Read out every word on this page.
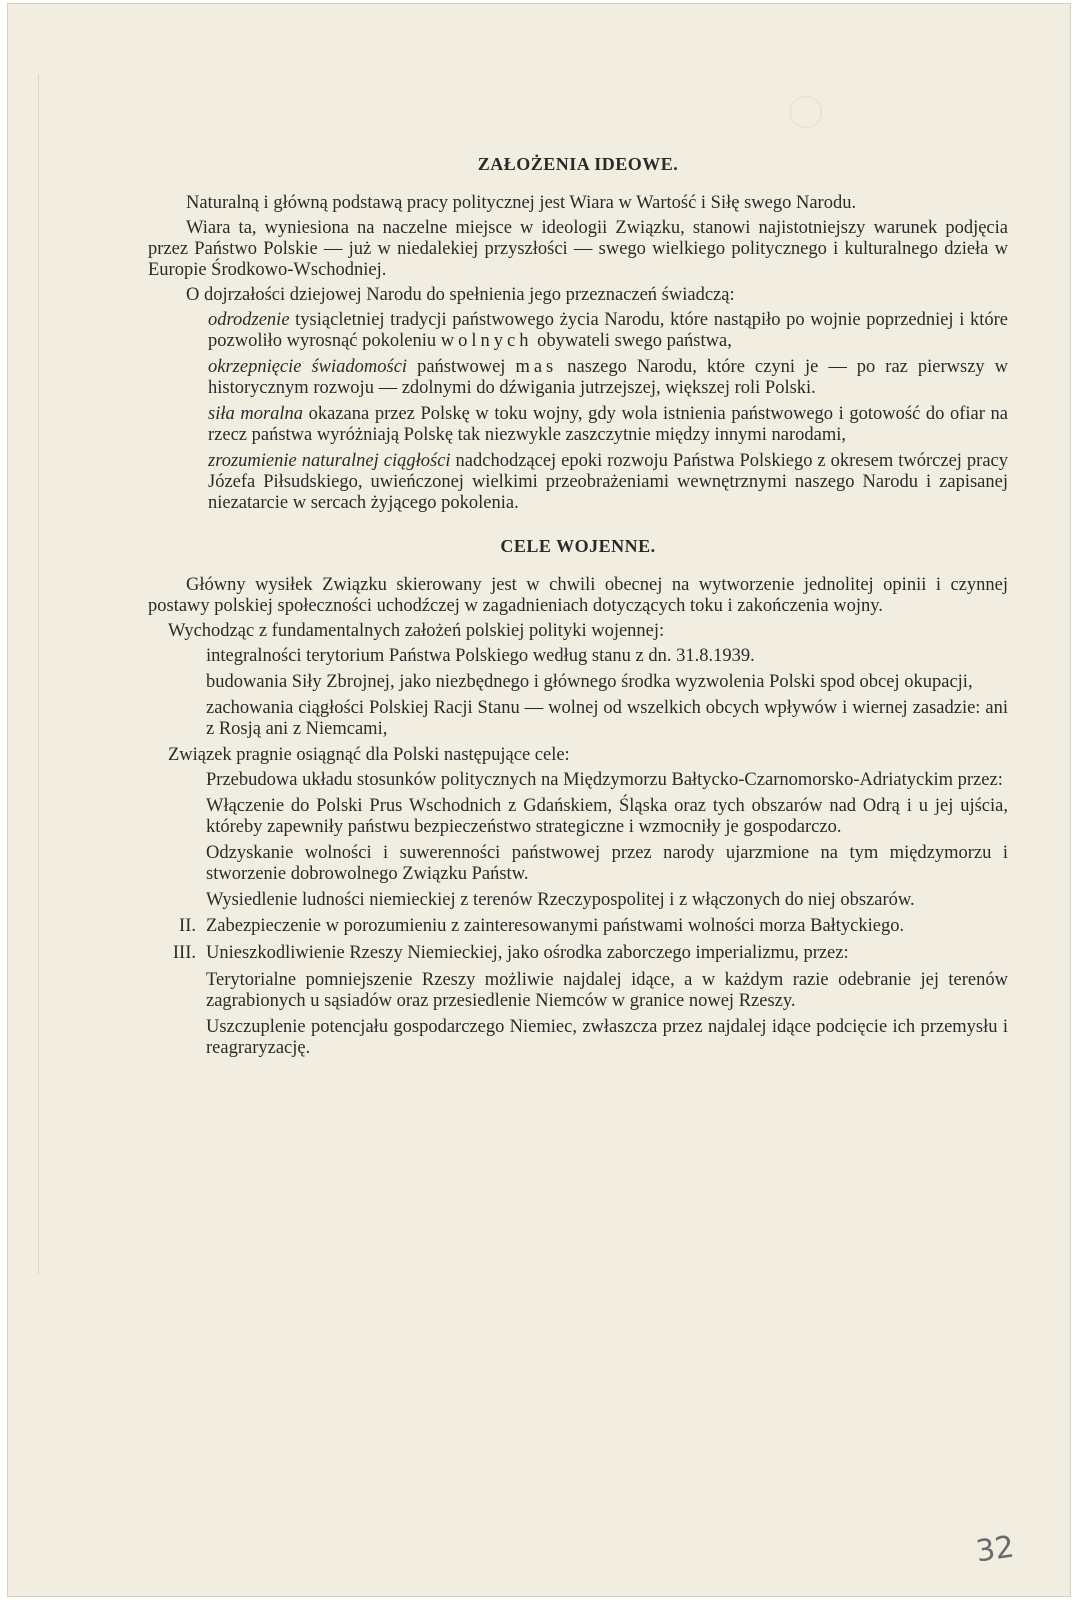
ZAŁOŻENIA IDEOWE.

Naturalną i główną podstawą pracy politycznej jest Wiara w Wartość i Siłę swego Narodu.

Wiara ta, wyniesiona na naczelne miejsce w ideologii Związku, stanowi najistotniejszy warunek podjęcia przez Państwo Polskie — już w niedalekiej przyszłości — swego wielkiego politycznego i kulturalnego dzieła w Europie Środkowo-Wschodniej.

O dojrzałości dziejowej Narodu do spełnienia jego przeznaczeń świadczą:

odrodzenie tysiącletniej tradycji państwowego życia Narodu, które nastąpiło po wojnie poprzedniej i które pozwoliło wyrosnąć pokoleniu wolnych obywateli swego państwa,

okrzepnięcie świadomości państwowej mas naszego Narodu, które czyni je — po raz pierwszy w historycznym rozwoju — zdolnymi do dźwigania jutrzejszej, większej roli Polski.

siła moralna okazana przez Polskę w toku wojny, gdy wola istnienia państwowego i gotowość do ofiar na rzecz państwa wyróżniają Polskę tak niezwykle zaszczytnie między innymi narodami,

zrozumienie naturalnej ciągłości nadchodzącej epoki rozwoju Państwa Polskiego z okresem twórczej pracy Józefa Piłsudskiego, uwieńczonej wielkimi przeobrażeniami wewnętrznymi naszego Narodu i zapisanej niezatarcie w sercach żyjącego pokolenia.

CELE WOJENNE.

Główny wysiłek Związku skierowany jest w chwili obecnej na wytworzenie jednolitej opinii i czynnej postawy polskiej społeczności uchodźczej w zagadnieniach dotyczących toku i zakończenia wojny.

Wychodząc z fundamentalnych założeń polskiej polityki wojennej:

integralności terytorium Państwa Polskiego według stanu z dn. 31.8.1939.

budowania Siły Zbrojnej, jako niezbędnego i głównego środka wyzwolenia Polski spod obcej okupacji,

zachowania ciągłości Polskiej Racji Stanu — wolnej od wszelkich obcych wpływów i wiernej zasadzie: ani z Rosją ani z Niemcami,

Związek pragnie osiągnąć dla Polski następujące cele:

Przebudowa układu stosunków politycznych na Międzymorzu Bałtycko-Czarnomorsko-Adriatyckim przez:

Włączenie do Polski Prus Wschodnich z Gdańskiem, Śląska oraz tych obszarów nad Odrą i u jej ujścia, któreby zapewniły państwu bezpieczeństwo strategiczne i wzmocniły je gospodarczo.

Odzyskanie wolności i suwerenności państwowej przez narody ujarzmione na tym międzymorzu i stworzenie dobrowolnego Związku Państw.

Wysiedlenie ludności niemieckiej z terenów Rzeczypospolitej i z włączonych do niej obszarów.

II. Zabezpieczenie w porozumieniu z zainteresowanymi państwami wolności morza Bałtyckiego.
III. Unieszkodliwienie Rzeszy Niemieckiej, jako ośrodka zaborczego imperializmu, przez:

Terytorialne pomniejszenie Rzeszy możliwie najdalej idące, a w każdym razie odebranie jej terenów zagrabionych u sąsiadów oraz przesiedlenie Niemców w granice nowej Rzeszy.

Uszczuplenie potencjału gospodarczego Niemiec, zwłaszcza przez najdalej idące podcięcie ich przemysłu i reagraryzację.

32
